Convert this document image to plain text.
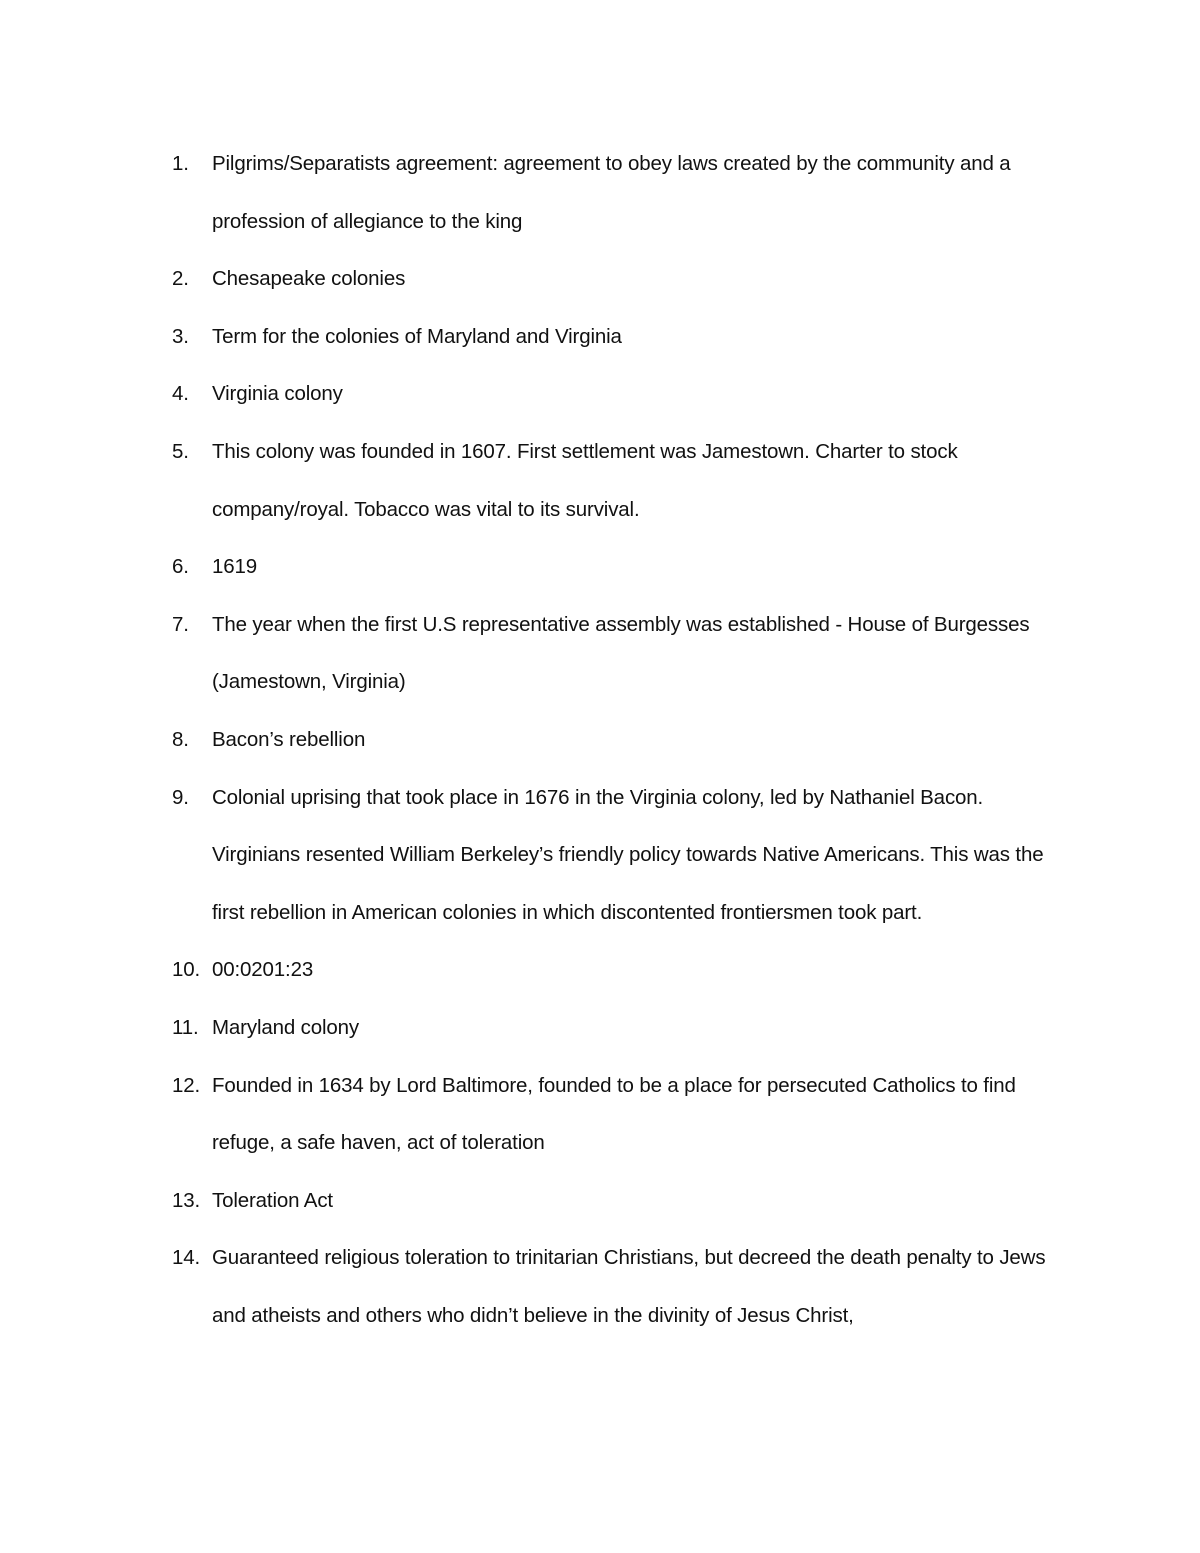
1.	Pilgrims/Separatists agreement: agreement to obey laws created by the community and a profession of allegiance to the king
2.	Chesapeake colonies
3.	Term for the colonies of Maryland and Virginia
4.	Virginia colony
5.	This colony was founded in 1607. First settlement was Jamestown. Charter to stock company/royal. Tobacco was vital to its survival.
6.	1619
7.	The year when the first U.S representative assembly was established - House of Burgesses (Jamestown, Virginia)
8.	Bacon’s rebellion
9.	Colonial uprising that took place in 1676 in the Virginia colony, led by Nathaniel Bacon. Virginians resented William Berkeley’s friendly policy towards Native Americans. This was the first rebellion in American colonies in which discontented frontiersmen took part.
10. 00:0201:23
11. Maryland colony
12. Founded in 1634 by Lord Baltimore, founded to be a place for persecuted Catholics to find refuge, a safe haven, act of toleration
13. Toleration Act
14. Guaranteed religious toleration to trinitarian Christians, but decreed the death penalty to Jews and atheists and others who didn’t believe in the divinity of Jesus Christ,
